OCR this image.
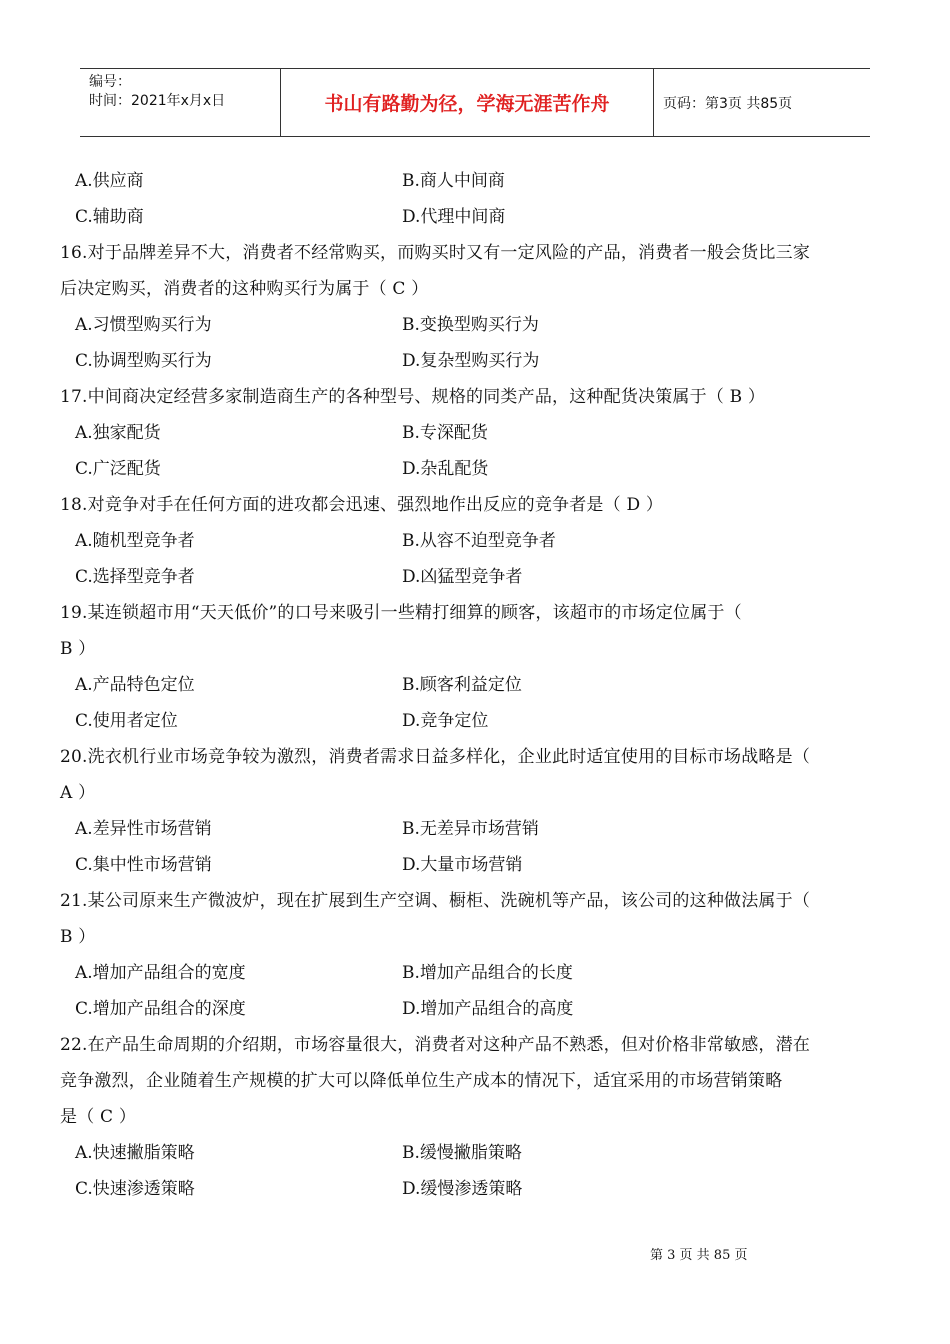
编号：
时间：2021年x月x日	书山有路勤为径，学海无涯苦作舟	页码：第3页 共85页
A.供应商	B.商人中间商
C.辅助商	D.代理中间商
16.对于品牌差异不大，消费者不经常购买，而购买时又有一定风险的产品，消费者一般会货比三家
后决定购买，消费者的这种购买行为属于（ C ）
A.习惯型购买行为	B.变换型购买行为
C.协调型购买行为	D.复杂型购买行为
17.中间商决定经营多家制造商生产的各种型号、规格的同类产品，这种配货决策属于（ B ）
A.独家配货	B.专深配货
C.广泛配货	D.杂乱配货
18.对竞争对手在任何方面的进攻都会迅速、强烈地作出反应的竞争者是（ D ）
A.随机型竞争者	B.从容不迫型竞争者
C.选择型竞争者	D.凶猛型竞争者
19.某连锁超市用“天天低价”的口号来吸引一些精打细算的顾客，该超市的市场定位属于（
B ）
A.产品特色定位	B.顾客利益定位
C.使用者定位	D.竞争定位
20.洗衣机行业市场竞争较为激烈，消费者需求日益多样化，企业此时适宜使用的目标市场战略是（
A ）
A.差异性市场营销	B.无差异市场营销
C.集中性市场营销	D.大量市场营销
21.某公司原来生产微波炉，现在扩展到生产空调、橱柜、洗碗机等产品，该公司的这种做法属于（
B ）
A.增加产品组合的宽度	B.增加产品组合的长度
C.增加产品组合的深度	D.增加产品组合的高度
22.在产品生命周期的介绍期，市场容量很大，消费者对这种产品不熟悉，但对价格非常敏感，潜在
竞争激烈，企业随着生产规模的扩大可以降低单位生产成本的情况下，适宜采用的市场营销策略
是（ C ）
A.快速撇脂策略	B.缓慢撇脂策略
C.快速渗透策略	D.缓慢渗透策略
第 3 页 共 85 页
